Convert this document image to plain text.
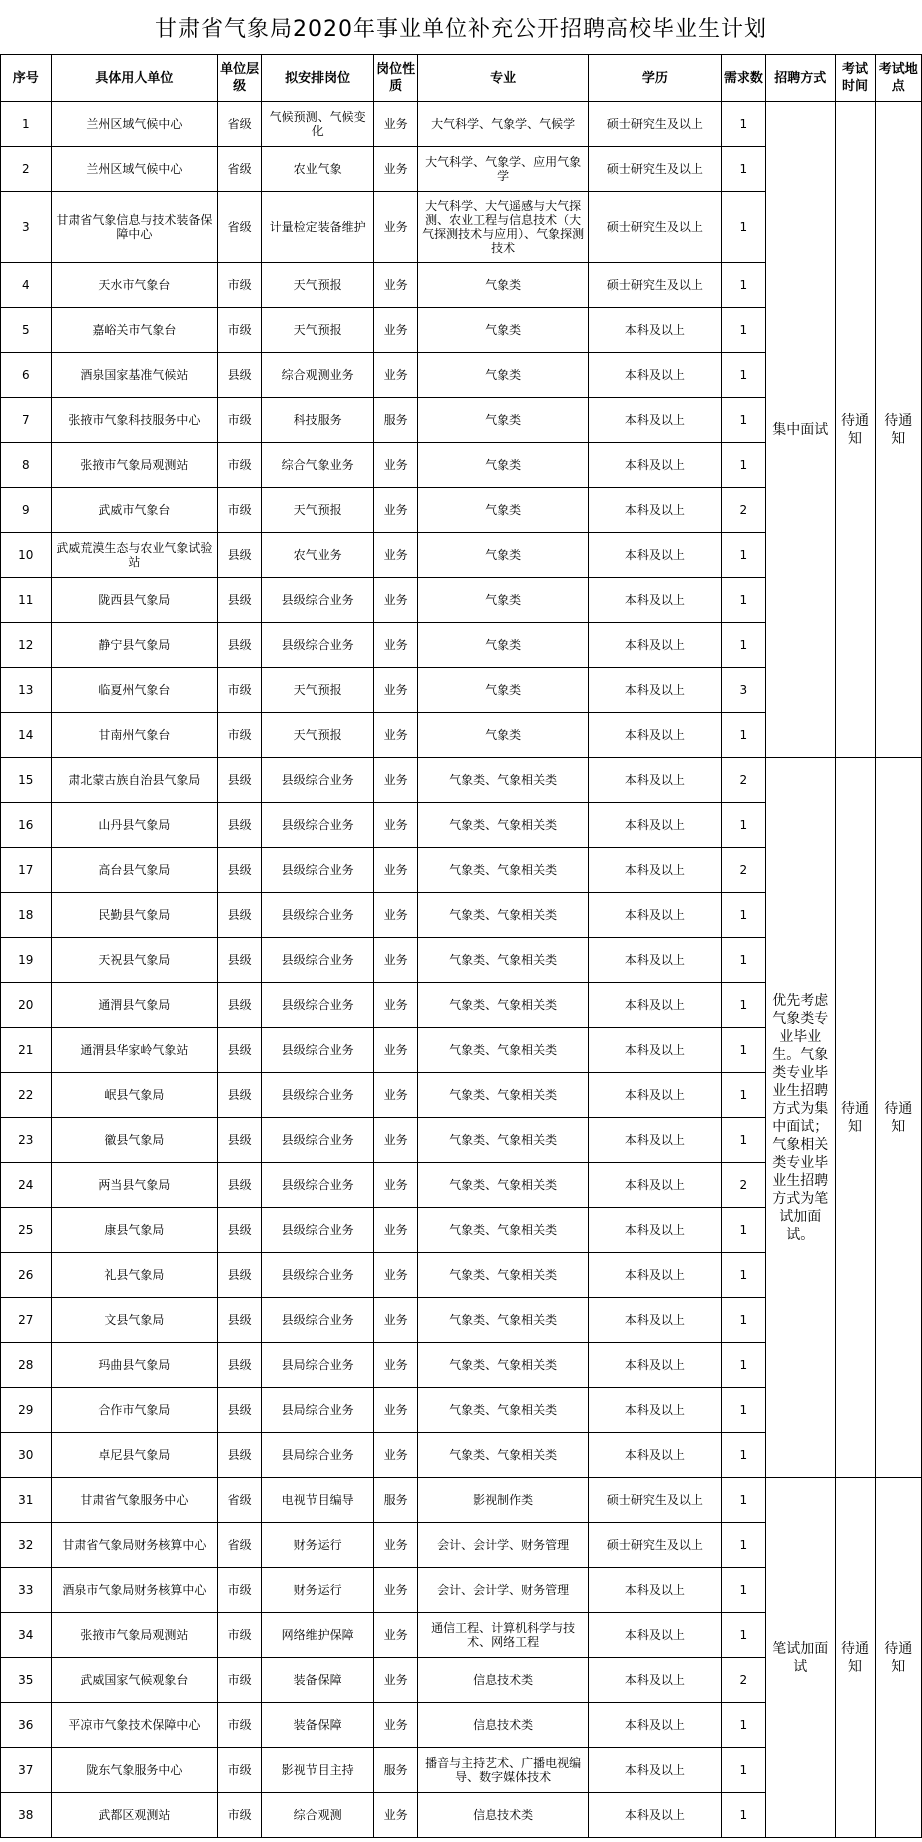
甘肃省气象局2020年事业单位补充公开招聘高校毕业生计划
序号	具体用人单位	单位层级	拟安排岗位	岗位性质	专业	学历	需求数	招聘方式	考试时间	考试地点
1	兰州区域气候中心	省级	气候预测、气候变化	业务	大气科学、气象学、气候学	硕士研究生及以上	1	集中面试	待通知	待通知
2	兰州区域气候中心	省级	农业气象	业务	大气科学、气象学、应用气象学	硕士研究生及以上	1			
3	甘肃省气象信息与技术装备保障中心	省级	计量检定装备维护	业务	大气科学、大气遥感与大气探测、农业工程与信息技术（大气探测技术与应用）、气象探测技术	硕士研究生及以上	1			
4	天水市气象台	市级	天气预报	业务	气象类	硕士研究生及以上	1			
5	嘉峪关市气象台	市级	天气预报	业务	气象类	本科及以上	1			
6	酒泉国家基准气候站	县级	综合观测业务	业务	气象类	本科及以上	1			
7	张掖市气象科技服务中心	市级	科技服务	服务	气象类	本科及以上	1			
8	张掖市气象局观测站	市级	综合气象业务	业务	气象类	本科及以上	1			
9	武威市气象台	市级	天气预报	业务	气象类	本科及以上	2			
10	武威荒漠生态与农业气象试验站	县级	农气业务	业务	气象类	本科及以上	1			
11	陇西县气象局	县级	县级综合业务	业务	气象类	本科及以上	1			
12	静宁县气象局	县级	县级综合业务	业务	气象类	本科及以上	1			
13	临夏州气象台	市级	天气预报	业务	气象类	本科及以上	3			
14	甘南州气象台	市级	天气预报	业务	气象类	本科及以上	1			
15	肃北蒙古族自治县气象局	县级	县级综合业务	业务	气象类、气象相关类	本科及以上	2	优先考虑气象类专业毕业生。气象类专业毕业生招聘方式为集中面试；气象相关类专业毕业生招聘方式为笔试加面试。	待通知	待通知
16	山丹县气象局	县级	县级综合业务	业务	气象类、气象相关类	本科及以上	1			
17	高台县气象局	县级	县级综合业务	业务	气象类、气象相关类	本科及以上	2			
18	民勤县气象局	县级	县级综合业务	业务	气象类、气象相关类	本科及以上	1			
19	天祝县气象局	县级	县级综合业务	业务	气象类、气象相关类	本科及以上	1			
20	通渭县气象局	县级	县级综合业务	业务	气象类、气象相关类	本科及以上	1			
21	通渭县华家岭气象站	县级	县级综合业务	业务	气象类、气象相关类	本科及以上	1			
22	岷县气象局	县级	县级综合业务	业务	气象类、气象相关类	本科及以上	1			
23	徽县气象局	县级	县级综合业务	业务	气象类、气象相关类	本科及以上	1			
24	两当县气象局	县级	县级综合业务	业务	气象类、气象相关类	本科及以上	2			
25	康县气象局	县级	县级综合业务	业务	气象类、气象相关类	本科及以上	1			
26	礼县气象局	县级	县级综合业务	业务	气象类、气象相关类	本科及以上	1			
27	文县气象局	县级	县级综合业务	业务	气象类、气象相关类	本科及以上	1			
28	玛曲县气象局	县级	县局综合业务	业务	气象类、气象相关类	本科及以上	1			
29	合作市气象局	县级	县局综合业务	业务	气象类、气象相关类	本科及以上	1			
30	卓尼县气象局	县级	县局综合业务	业务	气象类、气象相关类	本科及以上	1			
31	甘肃省气象服务中心	省级	电视节目编导	服务	影视制作类	硕士研究生及以上	1	笔试加面试	待通知	待通知
32	甘肃省气象局财务核算中心	省级	财务运行	业务	会计、会计学、财务管理	硕士研究生及以上	1			
33	酒泉市气象局财务核算中心	市级	财务运行	业务	会计、会计学、财务管理	本科及以上	1			
34	张掖市气象局观测站	市级	网络维护保障	业务	通信工程、计算机科学与技术、网络工程	本科及以上	1			
35	武威国家气候观象台	市级	装备保障	业务	信息技术类	本科及以上	2			
36	平凉市气象技术保障中心	市级	装备保障	业务	信息技术类	本科及以上	1			
37	陇东气象服务中心	市级	影视节目主持	服务	播音与主持艺术、广播电视编导、数字媒体技术	本科及以上	1			
38	武都区观测站	市级	综合观测	业务	信息技术类	本科及以上	1			
